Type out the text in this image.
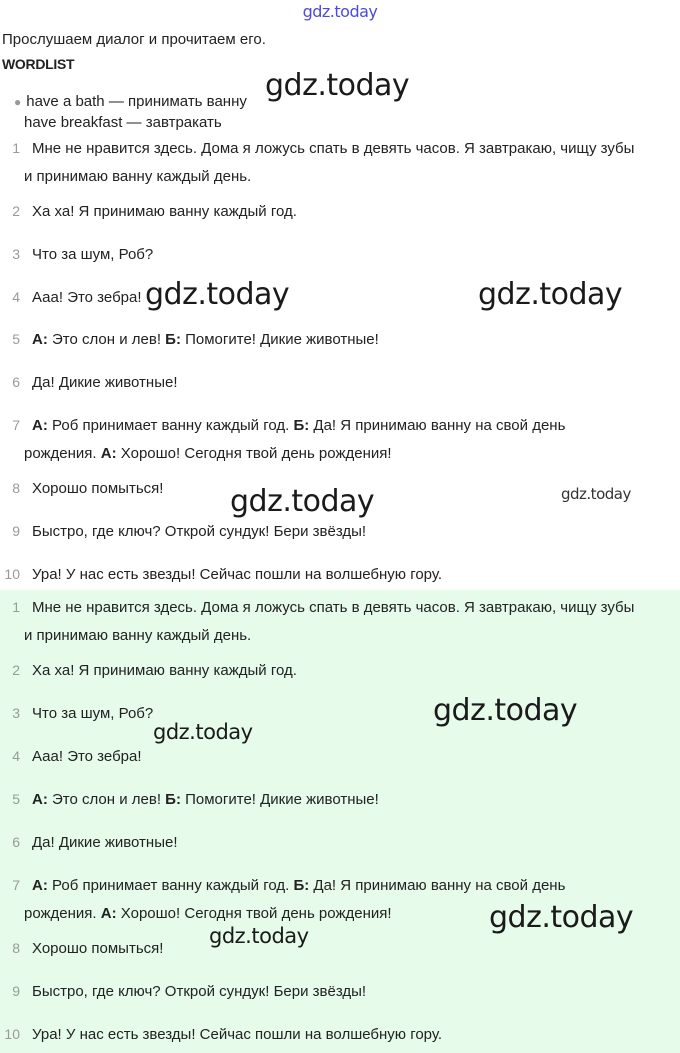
gdz.today
Прослушаем диалог и прочитаем его.
WORDLIST
● have a bath — принимать ванну
have breakfast — завтракать
1 Мне не нравится здесь. Дома я ложусь спать в девять часов. Я завтракаю, чищу зубы
и принимаю ванну каждый день.
2 Ха ха! Я принимаю ванну каждый год.
3 Что за шум, Роб?
4 Ааа! Это зебра!
5 А: Это слон и лев! Б: Помогите! Дикие животные!
6 Да! Дикие животные!
7 А: Роб принимает ванну каждый год. Б: Да! Я принимаю ванну на свой день
рождения. А: Хорошо! Сегодня твой день рождения!
8 Хорошо помыться!
9 Быстро, где ключ? Открой сундук! Бери звёзды!
10 Ура! У нас есть звезды! Сейчас пошли на волшебную гору.
1 Мне не нравится здесь. Дома я ложусь спать в девять часов. Я завтракаю, чищу зубы
и принимаю ванну каждый день.
2 Ха ха! Я принимаю ванну каждый год.
3 Что за шум, Роб?
4 Ааа! Это зебра!
5 А: Это слон и лев! Б: Помогите! Дикие животные!
6 Да! Дикие животные!
7 А: Роб принимает ванну каждый год. Б: Да! Я принимаю ванну на свой день
рождения. А: Хорошо! Сегодня твой день рождения!
8 Хорошо помыться!
9 Быстро, где ключ? Открой сундук! Бери звёзды!
10 Ура! У нас есть звезды! Сейчас пошли на волшебную гору.
gdz.today
gdz.today	gdz.today
gdz.today	gdz.today
gdz.today
gdz.today
gdz.today
gdz.today
